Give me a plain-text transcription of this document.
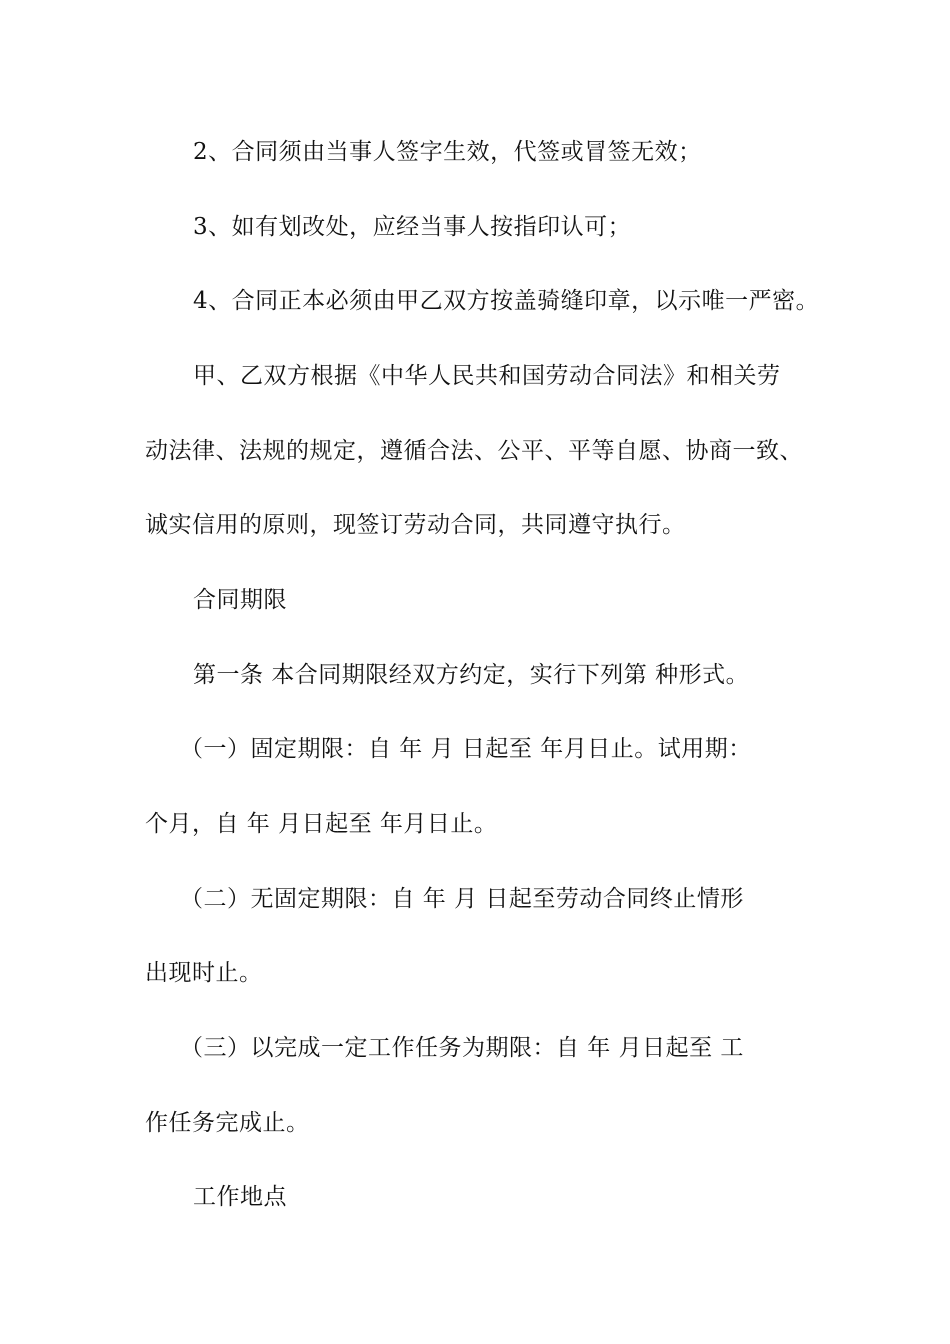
2、合同须由当事人签字生效，代签或冒签无效；
3、如有划改处，应经当事人按指印认可；
4、合同正本必须由甲乙双方按盖骑缝印章，以示唯一严密。
甲、乙双方根据《中华人民共和国劳动合同法》和相关劳
动法律、法规的规定，遵循合法、公平、平等自愿、协商一致、
诚实信用的原则，现签订劳动合同，共同遵守执行。
合同期限
第一条 本合同期限经双方约定，实行下列第 种形式。
（一）固定期限：自 年 月 日起至 年月日止。试用期：
个月，自 年 月日起至 年月日止。
（二）无固定期限：自 年 月 日起至劳动合同终止情形
出现时止。
（三）以完成一定工作任务为期限：自 年 月日起至 工
作任务完成止。
工作地点
